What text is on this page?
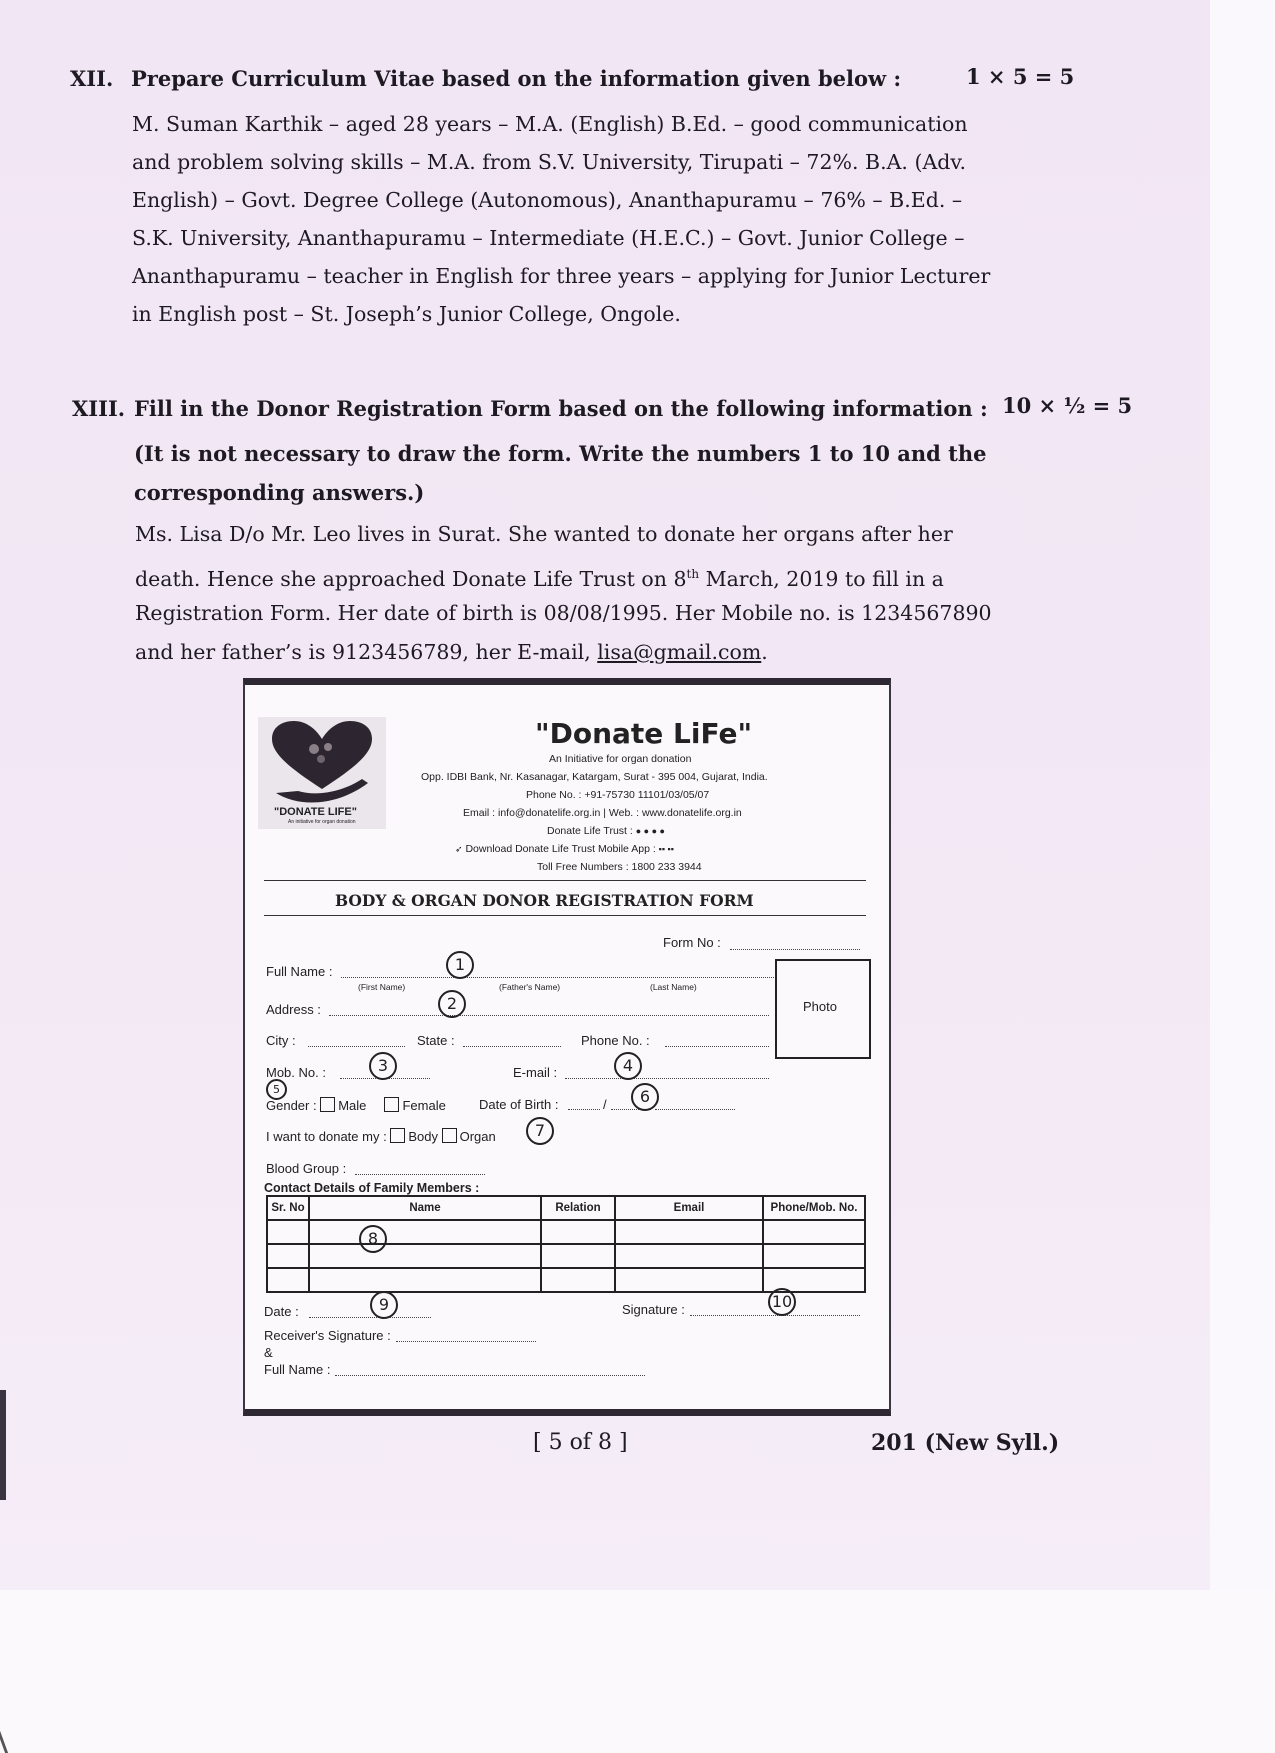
XII. Prepare Curriculum Vitae based on the information given below :	1 × 5 = 5
M. Suman Karthik – aged 28 years – M.A. (English) B.Ed. – good communication
and problem solving skills – M.A. from S.V. University, Tirupati – 72%. B.A. (Adv.
English) – Govt. Degree College (Autonomous), Ananthapuramu – 76% – B.Ed. –
S.K. University, Ananthapuramu – Intermediate (H.E.C.) – Govt. Junior College –
Ananthapuramu – teacher in English for three years – applying for Junior Lecturer
in English post – St. Joseph’s Junior College, Ongole.
XIII. Fill in the Donor Registration Form based on the following information : 10 × ½ = 5
(It is not necessary to draw the form. Write the numbers 1 to 10 and the
corresponding answers.)
Ms. Lisa D/o Mr. Leo lives in Surat. She wanted to donate her organs after her
death. Hence she approached Donate Life Trust on 8th March, 2019 to fill in a
Registration Form. Her date of birth is 08/08/1995. Her Mobile no. is 1234567890
and her father’s is 9123456789, her E-mail, lisa@gmail.com.
"DONATE LIFE"
An initiative for organ donation
"Donate LiFe"
An Initiative for organ donation
Opp. IDBI Bank, Nr. Kasanagar, Katargam, Surat - 395 004, Gujarat, India.
Phone No. : +91-75730 11101/03/05/07
Email : info@donatelife.org.in | Web. : www.donatelife.org.in
Donate Life Trust : ● ● ● ●
➶ Download Donate Life Trust Mobile App : ▪▪ ▪▪
Toll Free Numbers : 1800 233 3944
BODY & ORGAN DONOR REGISTRATION FORM
Form No :
Full Name :	1
(First Name)	(Father's Name)	(Last Name)
Photo
Address :	2
City :	State :	Phone No. :
Mob. No. :	3	E-mail :	4
5
Gender : Male	Female	Date of Birth :	/	6
I want to donate my : Body Organ	7
Blood Group :
Contact Details of Family Members :
Sr. No	Name	Relation	Email	Phone/Mob. No.

8
Date :	9	Signature :	10
Receiver's Signature :
&
Full Name :
[ 5 of 8 ]	201 (New Syll.)
